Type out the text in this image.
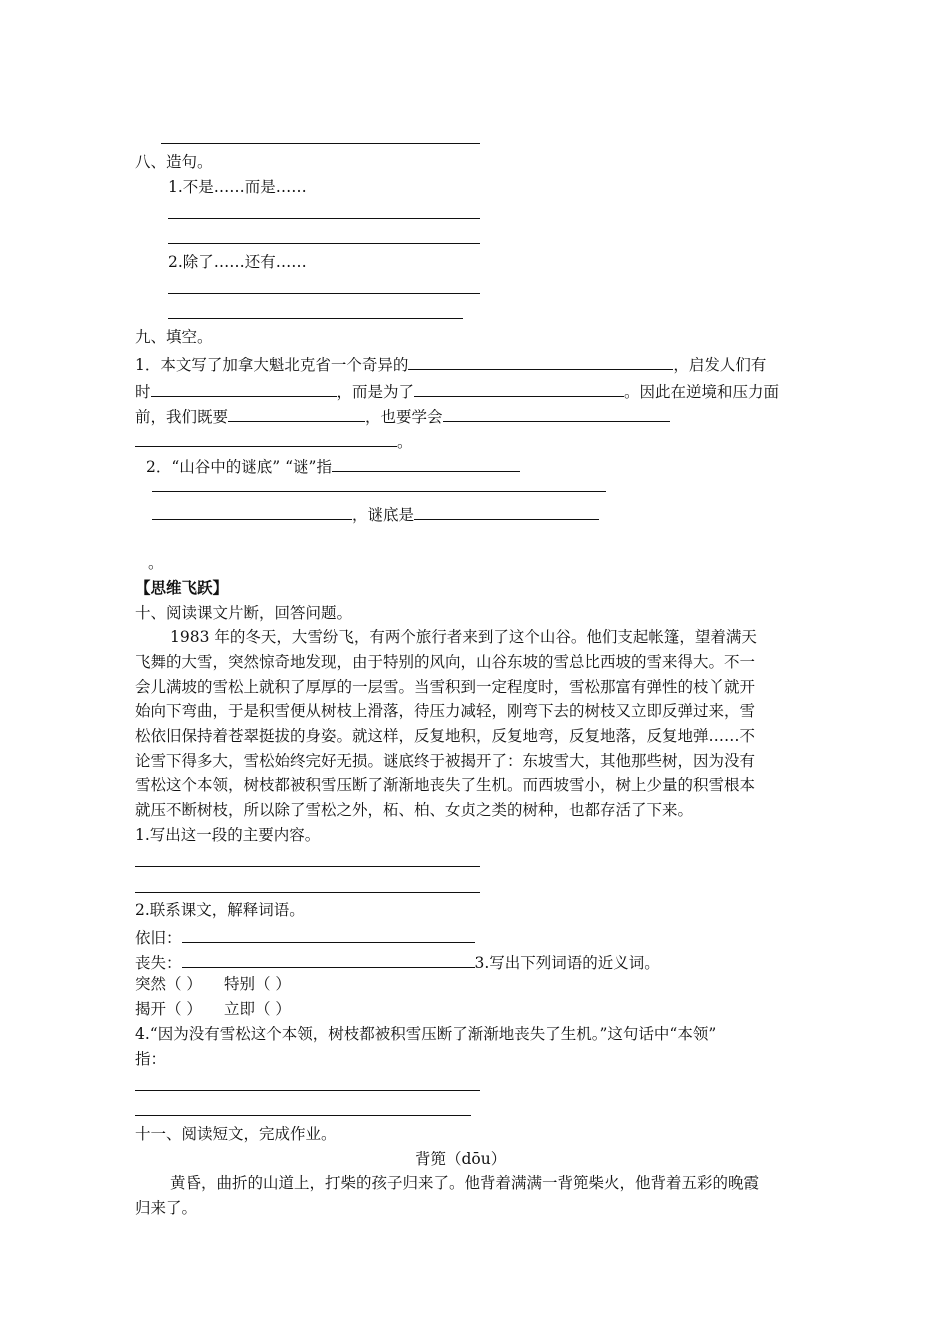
八、造句。
1.不是……而是……
2.除了……还有……
九、填空。
1．本文写了加拿大魁北克省一个奇异的	，启发人们有
时	，而是为了	。因此在逆境和压力面
前，我们既要	，也要学会
。
2．“山谷中的谜底” “谜”指
，谜底是
。
【思维飞跃】
十、阅读课文片断，回答问题。
1983 年的冬天，大雪纷飞，有两个旅行者来到了这个山谷。他们支起帐篷，望着满天
飞舞的大雪，突然惊奇地发现，由于特别的风向，山谷东坡的雪总比西坡的雪来得大。不一
会儿满坡的雪松上就积了厚厚的一层雪。当雪积到一定程度时，雪松那富有弹性的枝丫就开
始向下弯曲，于是积雪便从树枝上滑落，待压力减轻，刚弯下去的树枝又立即反弹过来，雪
松依旧保持着苍翠挺拔的身姿。就这样，反复地积，反复地弯，反复地落，反复地弹……不
论雪下得多大，雪松始终完好无损。谜底终于被揭开了：东坡雪大，其他那些树，因为没有
雪松这个本领，树枝都被积雪压断了渐渐地丧失了生机。而西坡雪小，树上少量的积雪根本
就压不断树枝，所以除了雪松之外，柘、柏、女贞之类的树种，也都存活了下来。
1.写出这一段的主要内容。
2.联系课文，解释词语。
依旧：
丧失：	3.写出下列词语的近义词。
突然（ ） 特别（ ）
揭开（ ） 立即（ ）
4.“因为没有雪松这个本领，树枝都被积雪压断了渐渐地丧失了生机。”这句话中“本领”
指：
十一、阅读短文，完成作业。
背篼（dōu）
黄昏，曲折的山道上，打柴的孩子归来了。他背着满满一背篼柴火，他背着五彩的晚霞
归来了。
